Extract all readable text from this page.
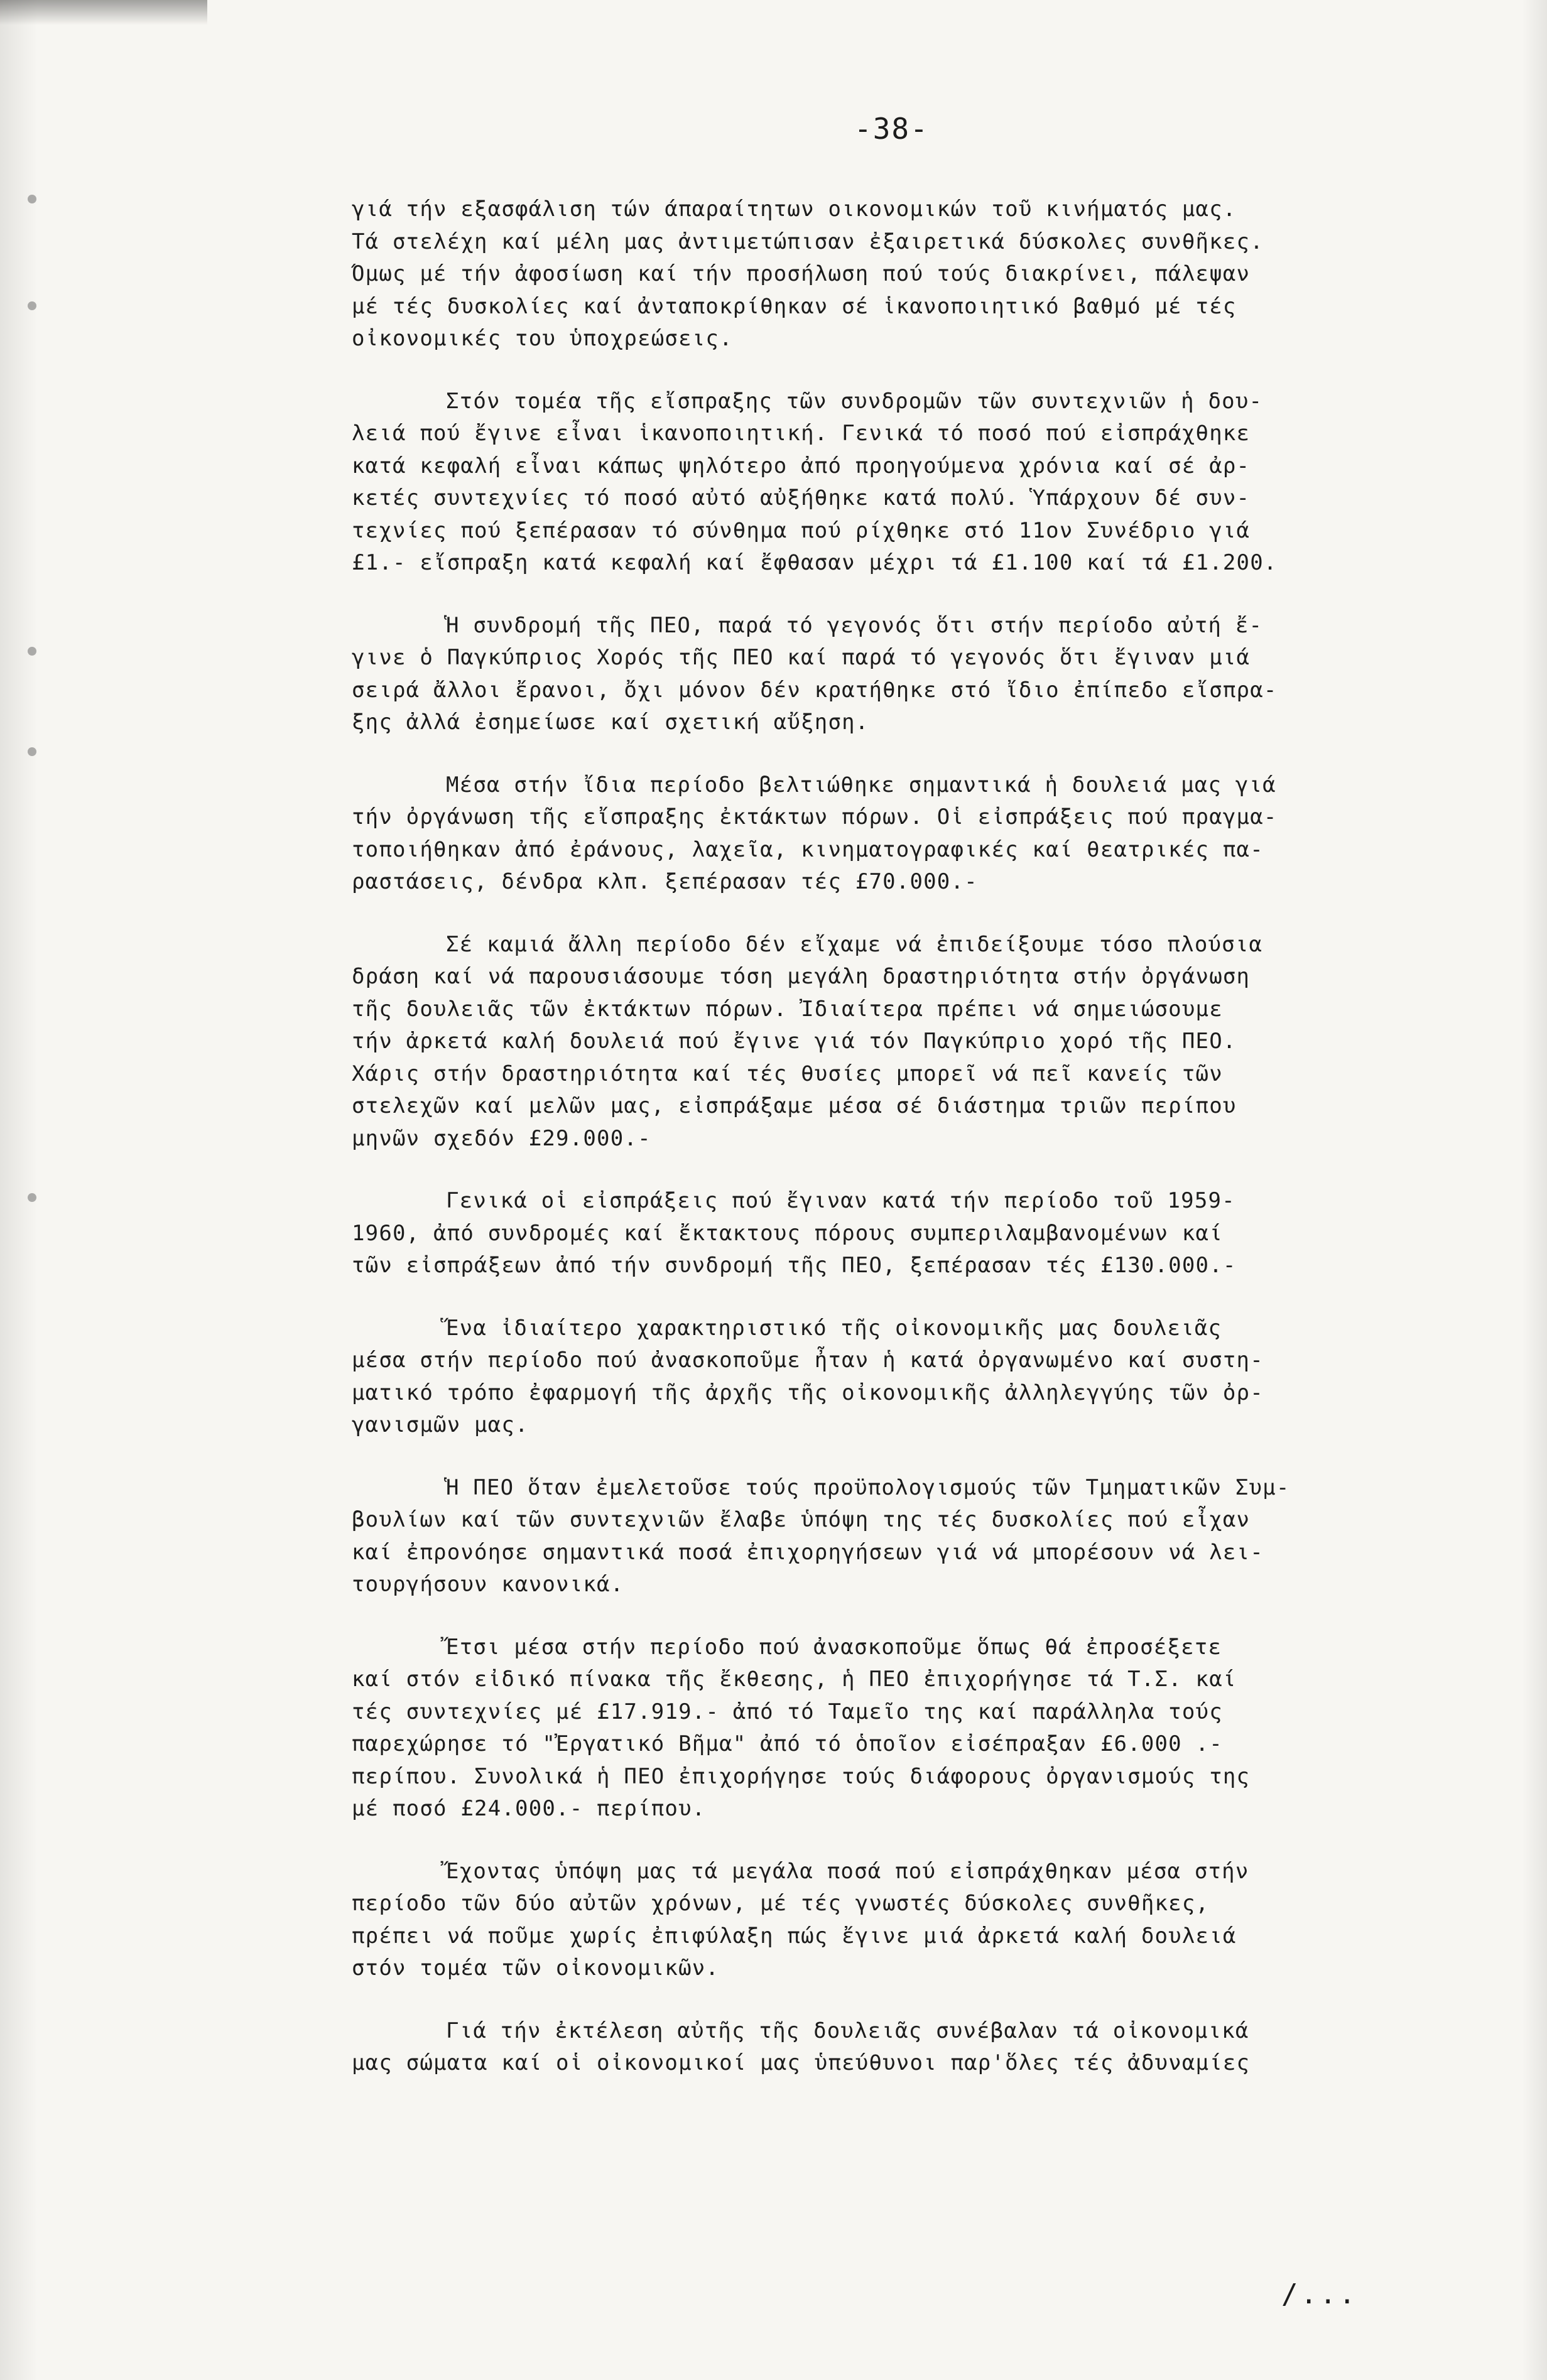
-38-
γιά τήν εξασφάλιση τών άπαραίτητων οικονομικών τοῦ κινήματός μας.
Τά στελέχη καί μέλη μας ἀντιμετώπισαν ἐξαιρετικά δύσκολες συνθῆκες.
Όμως μέ τήν ἀφοσίωση καί τήν προσήλωση πού τούς διακρίνει, πάλεψαν
μέ τές δυσκολίες καί ἀνταποκρίθηκαν σέ ἱκανοποιητικό βαθμό μέ τές
οἰκονομικές του ὑποχρεώσεις.
Στόν τομέα τῆς εἴσπραξης τῶν συνδρομῶν τῶν συντεχνιῶν ἡ δου-
λειά πού ἔγινε εἶναι ἱκανοποιητική. Γενικά τό ποσό πού εἰσπράχθηκε
κατά κεφαλή εἶναι κάπως ψηλότερο ἀπό προηγούμενα χρόνια καί σέ ἀρ-
κετές συντεχνίες τό ποσό αὐτό αὐξήθηκε κατά πολύ. Ὑπάρχουν δέ συν-
τεχνίες πού ξεπέρασαν τό σύνθημα πού ρίχθηκε στό 11ον Συνέδριο γιά
£1.- εἴσπραξη κατά κεφαλή καί ἔφθασαν μέχρι τά £1.100 καί τά £1.200.
Ἡ συνδρομή τῆς ΠΕΟ, παρά τό γεγονός ὅτι στήν περίοδο αὐτή ἔ-
γινε ὁ Παγκύπριος Χορός τῆς ΠΕΟ καί παρά τό γεγονός ὅτι ἔγιναν μιά
σειρά ἄλλοι ἔρανοι, ὄχι μόνον δέν κρατήθηκε στό ἴδιο ἐπίπεδο εἴσπρα-
ξης ἀλλά ἐσημείωσε καί σχετική αὔξηση.
Μέσα στήν ἴδια περίοδο βελτιώθηκε σημαντικά ἡ δουλειά μας γιά
τήν ὀργάνωση τῆς εἴσπραξης ἐκτάκτων πόρων. Οἱ εἰσπράξεις πού πραγμα-
τοποιήθηκαν ἀπό ἐράνους, λαχεῖα, κινηματογραφικές καί θεατρικές πα-
ραστάσεις, δένδρα κλπ. ξεπέρασαν τές £70.000.-
Σέ καμιά ἄλλη περίοδο δέν εἴχαμε νά ἐπιδείξουμε τόσο πλούσια
δράση καί νά παρουσιάσουμε τόση μεγάλη δραστηριότητα στήν ὀργάνωση
τῆς δουλειᾶς τῶν ἐκτάκτων πόρων. Ἰδιαίτερα πρέπει νά σημειώσουμε
τήν ἀρκετά καλή δουλειά πού ἔγινε γιά τόν Παγκύπριο χορό τῆς ΠΕΟ.
Χάρις στήν δραστηριότητα καί τές θυσίες μπορεῖ νά πεῖ κανείς τῶν
στελεχῶν καί μελῶν μας, εἰσπράξαμε μέσα σέ διάστημα τριῶν περίπου
μηνῶν σχεδόν £29.000.-
Γενικά οἱ εἰσπράξεις πού ἔγιναν κατά τήν περίοδο τοῦ 1959-
1960, ἀπό συνδρομές καί ἔκτακτους πόρους συμπεριλαμβανομένων καί
τῶν εἰσπράξεων ἀπό τήν συνδρομή τῆς ΠΕΟ, ξεπέρασαν τές £130.000.-
Ἕνα ἰδιαίτερο χαρακτηριστικό τῆς οἰκονομικῆς μας δουλειᾶς
μέσα στήν περίοδο πού ἀνασκοποῦμε ἦταν ἡ κατά ὀργανωμένο καί συστη-
ματικό τρόπο ἐφαρμογή τῆς ἀρχῆς τῆς οἰκονομικῆς ἀλληλεγγύης τῶν ὀρ-
γανισμῶν μας.
Ἡ ΠΕΟ ὅταν ἐμελετοῦσε τούς προϋπολογισμούς τῶν Τμηματικῶν Συμ-
βουλίων καί τῶν συντεχνιῶν ἔλαβε ὑπόψη της τές δυσκολίες πού εἶχαν
καί ἐπρονόησε σημαντικά ποσά ἐπιχορηγήσεων γιά νά μπορέσουν νά λει-
τουργήσουν κανονικά.
Ἔτσι μέσα στήν περίοδο πού ἀνασκοποῦμε ὅπως θά ἐπροσέξετε
καί στόν εἰδικό πίνακα τῆς ἔκθεσης, ἡ ΠΕΟ ἐπιχορήγησε τά Τ.Σ. καί
τές συντεχνίες μέ £17.919.- ἀπό τό Ταμεῖο της καί παράλληλα τούς
παρεχώρησε τό "Ἐργατικό Βῆμα" ἀπό τό ὁποῖον εἰσέπραξαν £6.000 .-
περίπου. Συνολικά ἡ ΠΕΟ ἐπιχορήγησε τούς διάφορους ὀργανισμούς της
μέ ποσό £24.000.- περίπου.
Ἔχοντας ὑπόψη μας τά μεγάλα ποσά πού εἰσπράχθηκαν μέσα στήν
περίοδο τῶν δύο αὐτῶν χρόνων, μέ τές γνωστές δύσκολες συνθῆκες,
πρέπει νά ποῦμε χωρίς ἐπιφύλαξη πώς ἔγινε μιά ἀρκετά καλή δουλειά
στόν τομέα τῶν οἰκονομικῶν.
Γιά τήν ἐκτέλεση αὐτῆς τῆς δουλειᾶς συνέβαλαν τά οἰκονομικά
μας σώματα καί οἱ οἰκονομικοί μας ὑπεύθυνοι παρ'ὅλες τές ἀδυναμίες
/...
